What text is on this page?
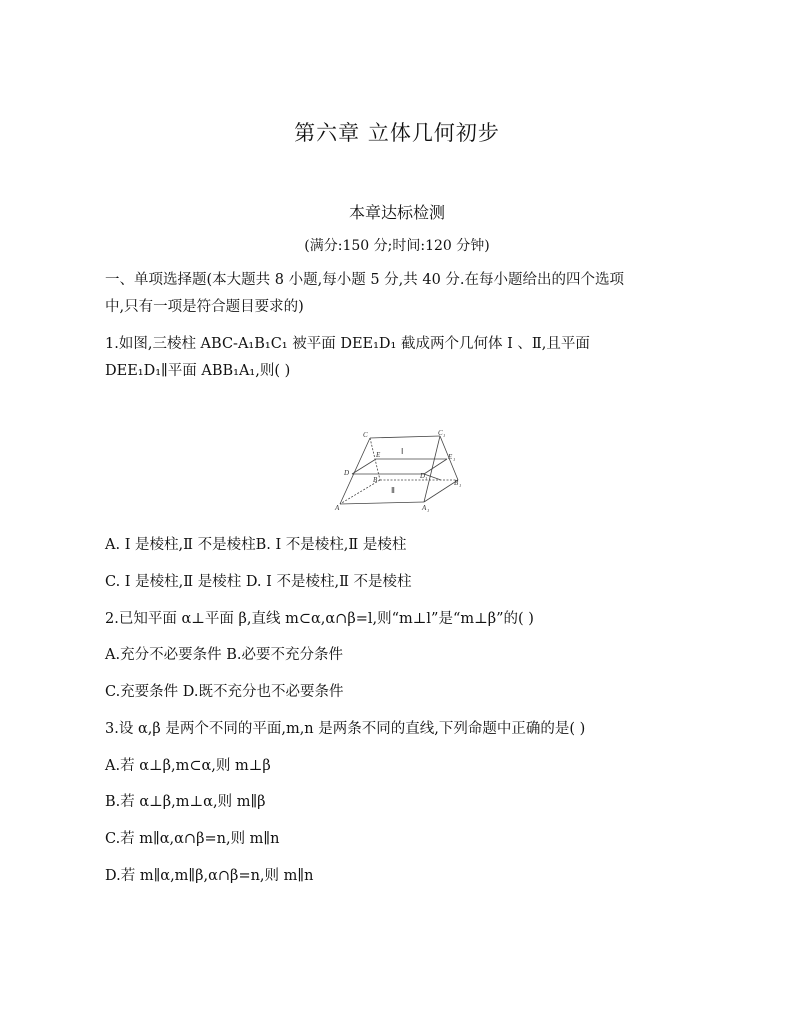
第六章 立体几何初步
本章达标检测
(满分:150 分;时间:120 分钟)
一、单项选择题(本大题共 8 小题,每小题 5 分,共 40 分.在每小题给出的四个选项
中,只有一项是符合题目要求的)
1.如图,三棱柱 ABC-A₁B₁C₁ 被平面 DEE₁D₁ 截成两个几何体 Ⅰ 、Ⅱ,且平面
DEE₁D₁∥平面 ABB₁A₁,则( )
C	C 1
E	E 1
D
B	D 1
B 1
A	A 1
Ⅰ
Ⅱ
A. Ⅰ 是棱柱,Ⅱ 不是棱柱B. Ⅰ 不是棱柱,Ⅱ 是棱柱
C. Ⅰ 是棱柱,Ⅱ 是棱柱 D. Ⅰ 不是棱柱,Ⅱ 不是棱柱
2.已知平面 α⊥平面 β,直线 m⊂α,α∩β=l,则“m⊥l”是“m⊥β”的( )
A.充分不必要条件 B.必要不充分条件
C.充要条件 D.既不充分也不必要条件
3.设 α,β 是两个不同的平面,m,n 是两条不同的直线,下列命题中正确的是( )
A.若 α⊥β,m⊂α,则 m⊥β
B.若 α⊥β,m⊥α,则 m∥β
C.若 m∥α,α∩β=n,则 m∥n
D.若 m∥α,m∥β,α∩β=n,则 m∥n
